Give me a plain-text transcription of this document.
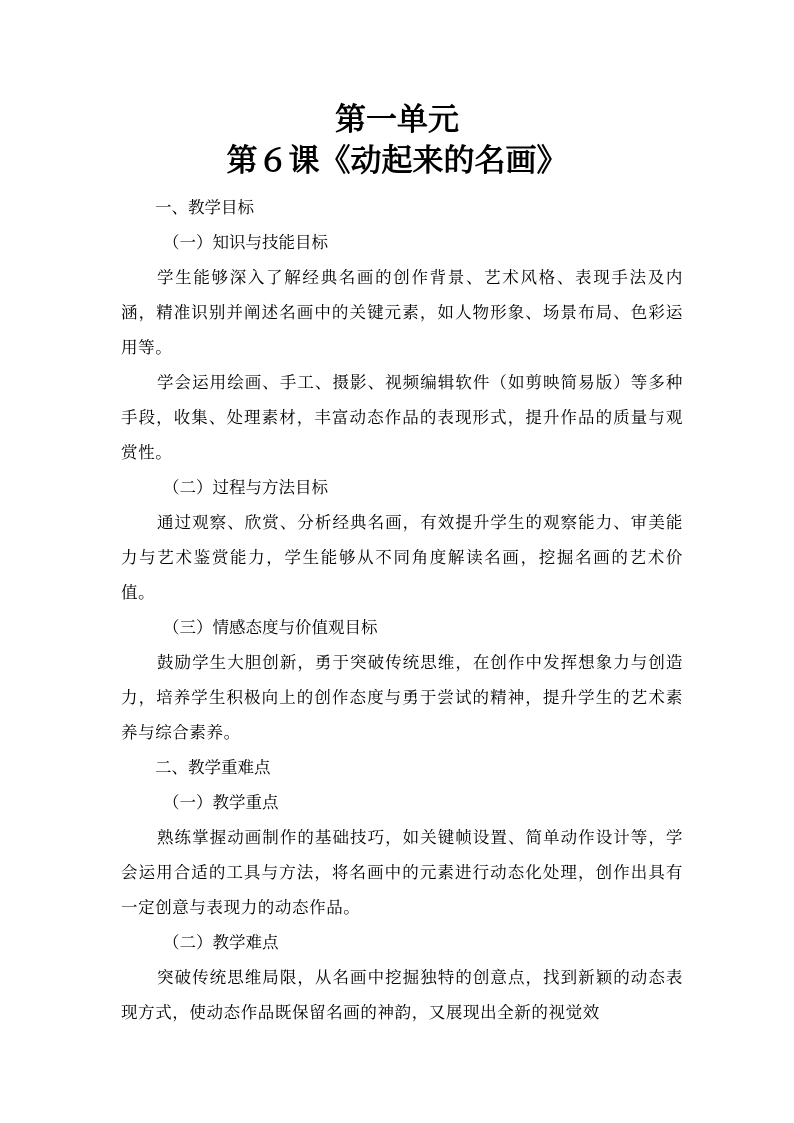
第一单元
第６课《动起来的名画》

一、教学目标

（一）知识与技能目标

学生能够深入了解经典名画的创作背景、艺术风格、表现手法及内涵，精准识别并阐述名画中的关键元素，如人物形象、场景布局、色彩运用等。

学会运用绘画、手工、摄影、视频编辑软件（如剪映简易版）等多种手段，收集、处理素材，丰富动态作品的表现形式，提升作品的质量与观赏性。

（二）过程与方法目标

通过观察、欣赏、分析经典名画，有效提升学生的观察能力、审美能力与艺术鉴赏能力，学生能够从不同角度解读名画，挖掘名画的艺术价值。

（三）情感态度与价值观目标

鼓励学生大胆创新，勇于突破传统思维，在创作中发挥想象力与创造力，培养学生积极向上的创作态度与勇于尝试的精神，提升学生的艺术素养与综合素养。

二、教学重难点

（一）教学重点

熟练掌握动画制作的基础技巧，如关键帧设置、简单动作设计等，学会运用合适的工具与方法，将名画中的元素进行动态化处理，创作出具有一定创意与表现力的动态作品。

（二）教学难点

突破传统思维局限，从名画中挖掘独特的创意点，找到新颖的动态表现方式，使动态作品既保留名画的神韵，又展现出全新的视觉效
